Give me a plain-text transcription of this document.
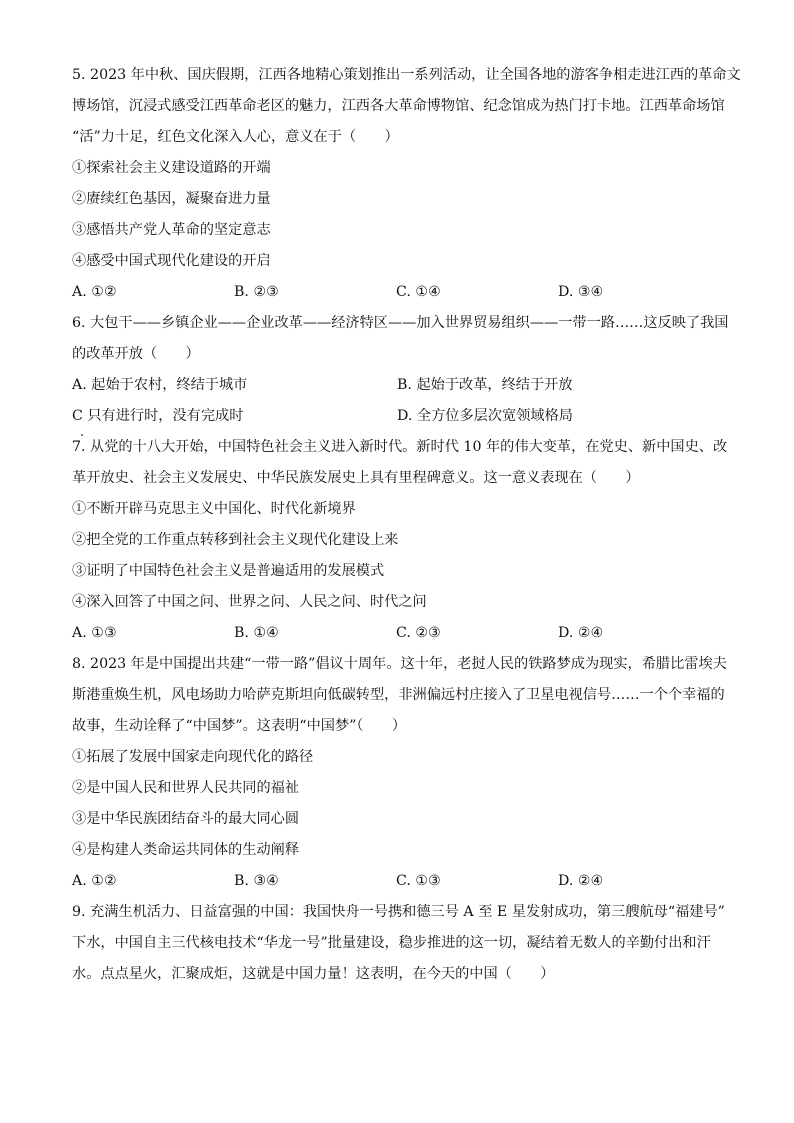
5. 2023 年中秋、国庆假期，江西各地精心策划推出一系列活动，让全国各地的游客争相走进江西的革命文
博场馆，沉浸式感受江西革命老区的魅力，江西各大革命博物馆、纪念馆成为热门打卡地。江西革命场馆
“活”力十足，红色文化深入人心，意义在于（　　）
①探索社会主义建设道路的开端
②赓续红色基因，凝聚奋进力量
③感悟共产党人革命的坚定意志
④感受中国式现代化建设的开启
A. ①②	B. ②③	C. ①④	D. ③④
6. 大包干——乡镇企业——企业改革——经济特区——加入世界贸易组织——一带一路……这反映了我国
的改革开放（　　）
A. 起始于农村，终结于城市	B. 起始于改革，终结于开放
C 只有进行时，没有完成时	D. 全方位多层次宽领域格局
7. 从党的十八大开始，中国特色社会主义进入新时代。新时代 10 年的伟大变革，在党史、新中国史、改
革开放史、社会主义发展史、中华民族发展史上具有里程碑意义。这一意义表现在（　　）
①不断开辟马克思主义中国化、时代化新境界
②把全党的工作重点转移到社会主义现代化建设上来
③证明了中国特色社会主义是普遍适用的发展模式
④深入回答了中国之问、世界之问、人民之问、时代之问
A. ①③	B. ①④	C. ②③	D. ②④
8. 2023 年是中国提出共建“一带一路”倡议十周年。这十年，老挝人民的铁路梦成为现实，希腊比雷埃夫
斯港重焕生机，风电场助力哈萨克斯坦向低碳转型，非洲偏远村庄接入了卫星电视信号……一个个幸福的
故事，生动诠释了“中国梦”。这表明“中国梦”（　　）
①拓展了发展中国家走向现代化的路径
②是中国人民和世界人民共同的福祉
③是中华民族团结奋斗的最大同心圆
④是构建人类命运共同体的生动阐释
A. ①②	B. ③④	C. ①③	D. ②④
9. 充满生机活力、日益富强的中国：我国快舟一号携和德三号 A 至 E 星发射成功，第三艘航母“福建号”
下水，中国自主三代核电技术“华龙一号”批量建设，稳步推进的这一切，凝结着无数人的辛勤付出和汗
水。点点星火，汇聚成炬，这就是中国力量！这表明，在今天的中国（　　）
